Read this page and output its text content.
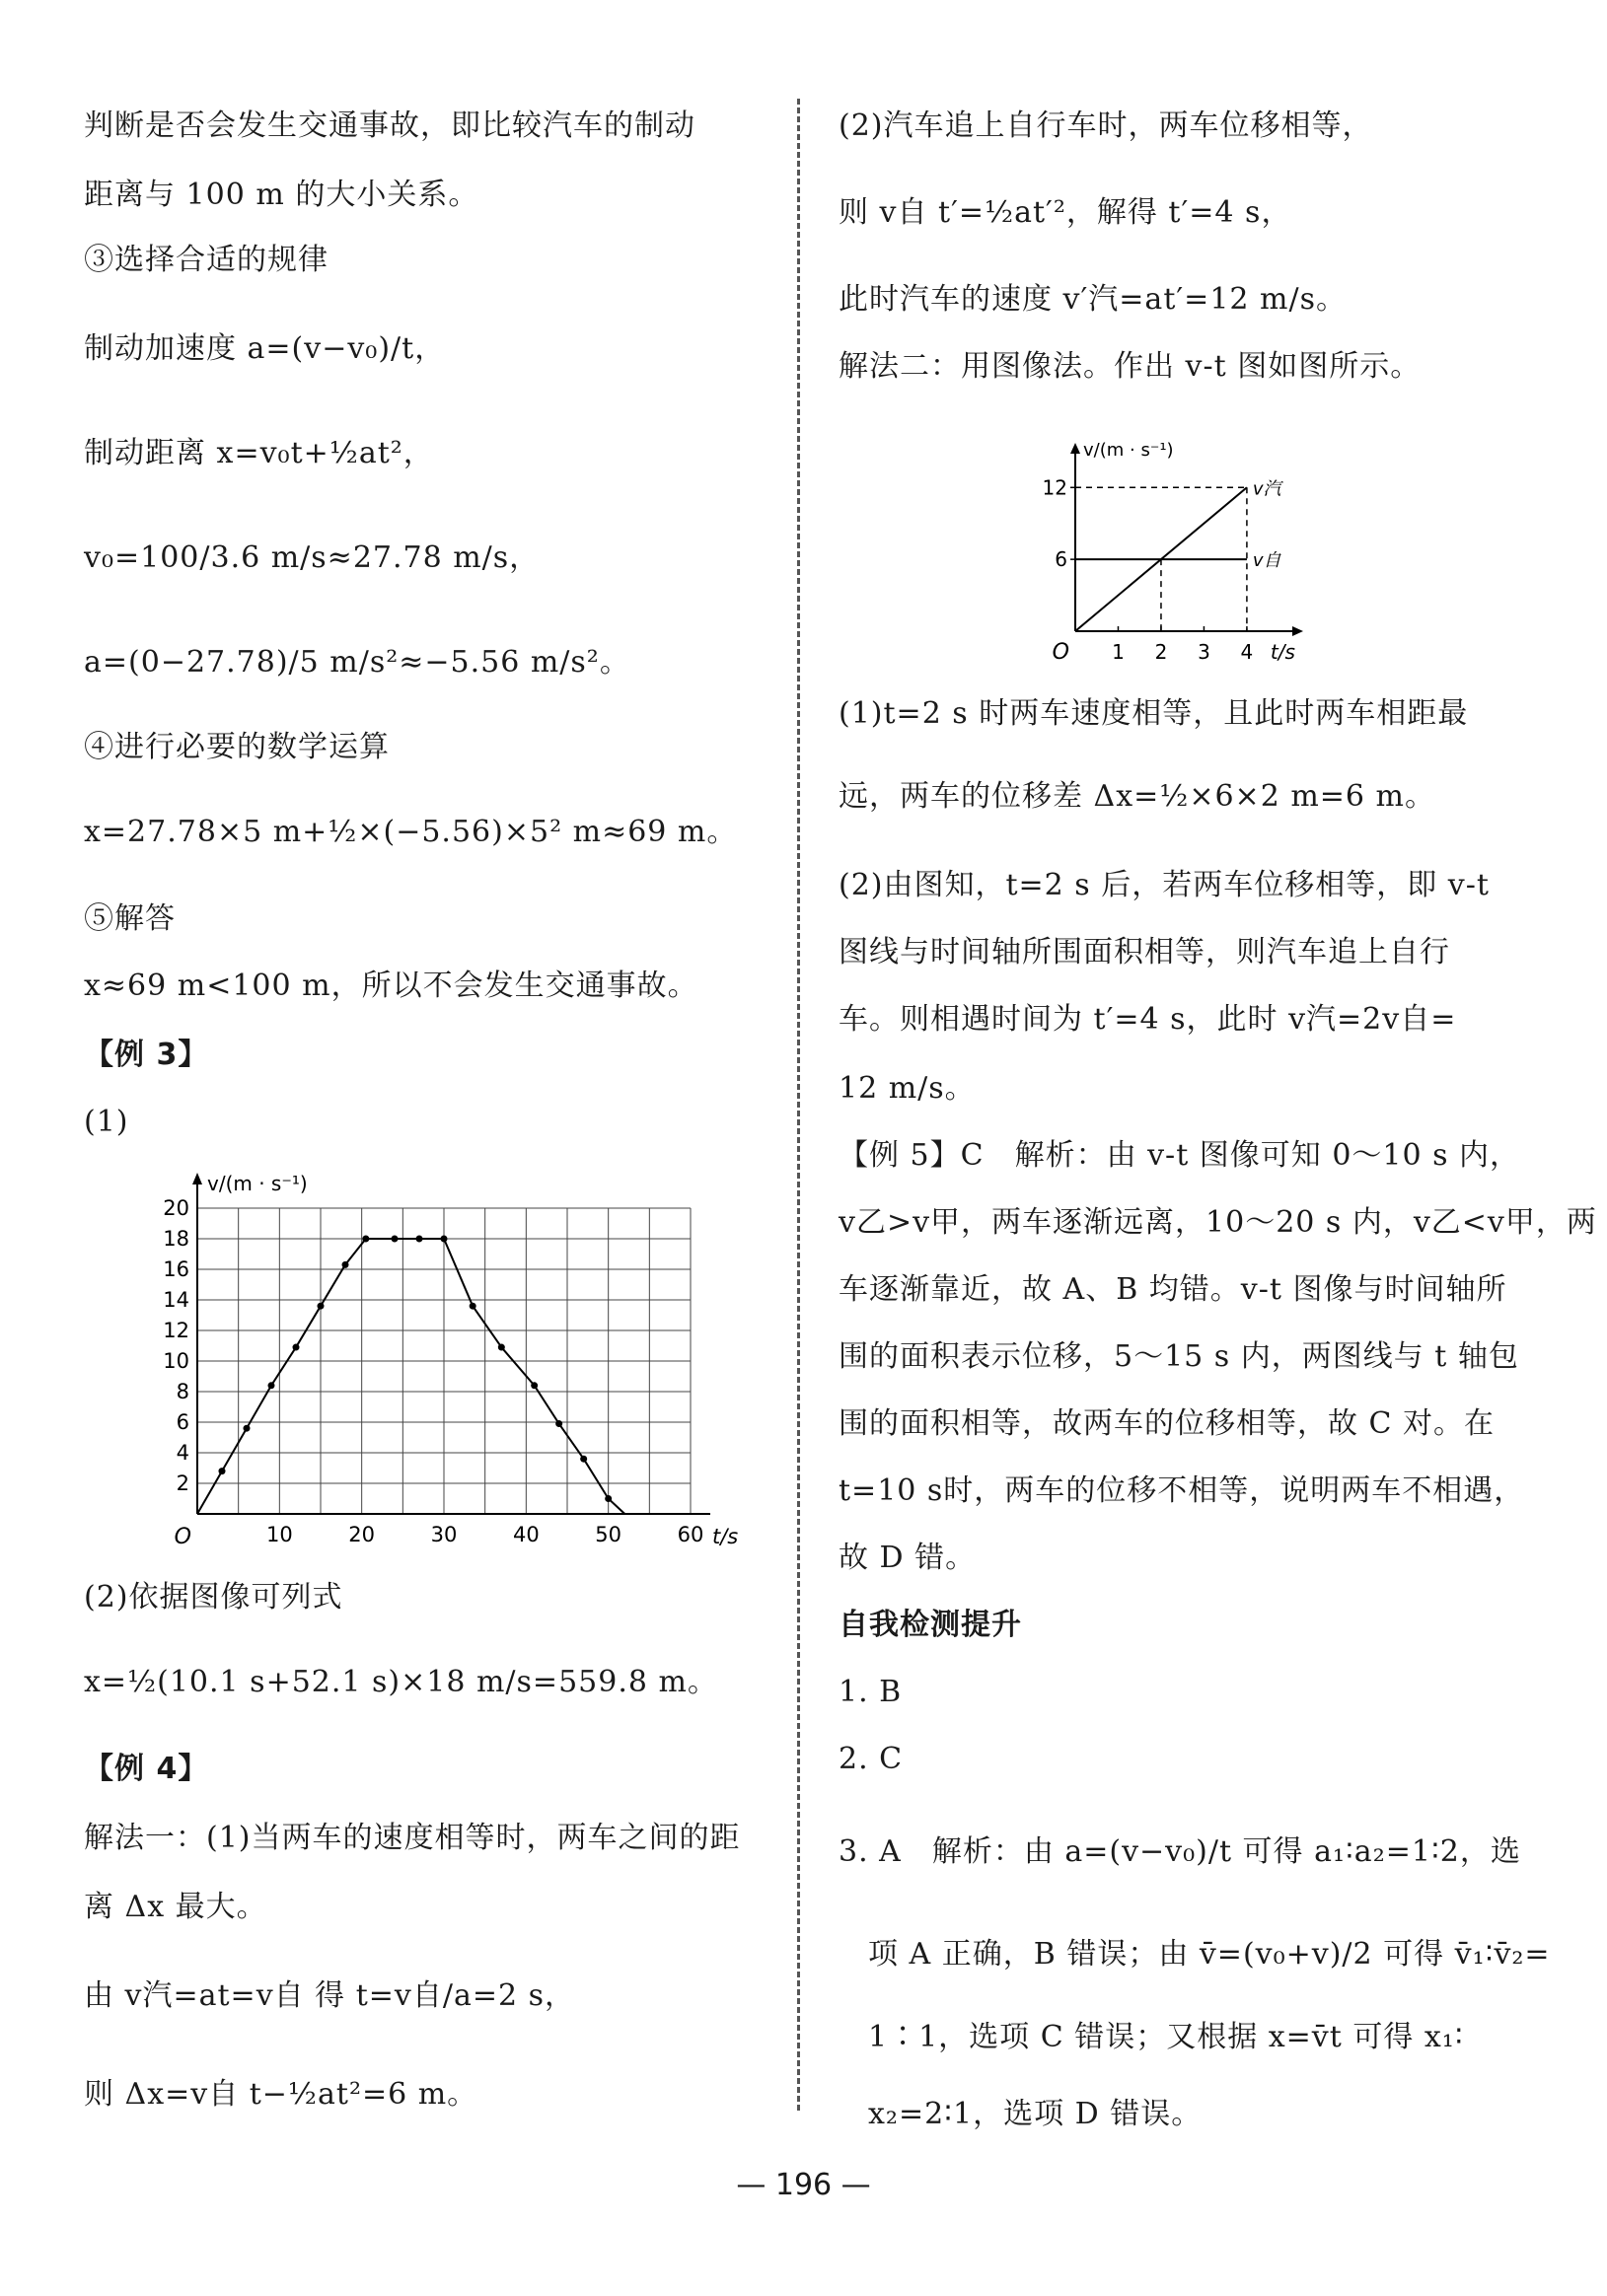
判断是否会发生交通事故，即比较汽车的制动
距离与 100 m 的大小关系。
③选择合适的规律
制动加速度 a=(v−v₀)/t，
制动距离 x=v₀t+½at²，
v₀=100/3.6 m/s≈27.78 m/s，
a=(0−27.78)/5 m/s²≈−5.56 m/s²。
④进行必要的数学运算
x=27.78×5 m+½×(−5.56)×5² m≈69 m。
⑤解答
x≈69 m<100 m，所以不会发生交通事故。
【例 3】
(1)
2
4
6
8
10
12
14
16
18
20
10	20	30	40	50	60
O	t/s
v/(m · s⁻¹)
(2)依据图像可列式
x=½(10.1 s+52.1 s)×18 m/s=559.8 m。
【例 4】
解法一：(1)当两车的速度相等时，两车之间的距
离 Δx 最大。
由 v汽=at=v自 得 t=v自/a=2 s，
则 Δx=v自 t−½at²=6 m。
(2)汽车追上自行车时，两车位移相等，
则 v自 t′=½at′²，解得 t′=4 s，
此时汽车的速度 v′汽=at′=12 m/s。
解法二：用图像法。作出 v-t 图如图所示。
6
12
1 2 3 4
O	t/s
v/(m · s⁻¹)
v汽
v自
(1)t=2 s 时两车速度相等，且此时两车相距最
远，两车的位移差 Δx=½×6×2 m=6 m。
(2)由图知，t=2 s 后，若两车位移相等，即 v-t
图线与时间轴所围面积相等，则汽车追上自行
车。则相遇时间为 t′=4 s，此时 v汽=2v自=
12 m/s。
【例 5】C　解析：由 v-t 图像可知 0～10 s 内，
v乙>v甲，两车逐渐远离，10～20 s 内，v乙<v甲，两
车逐渐靠近，故 A、B 均错。v-t 图像与时间轴所
围的面积表示位移，5～15 s 内，两图线与 t 轴包
围的面积相等，故两车的位移相等，故 C 对。在
t=10 s时，两车的位移不相等，说明两车不相遇，
故 D 错。
自我检测提升
1. B
2. C
3. A　解析：由 a=(v−v₀)/t 可得 a₁∶a₂=1∶2，选
项 A 正确，B 错误；由 v̄=(v₀+v)/2 可得 v̄₁∶v̄₂=
1∶1，选项 C 错误；又根据 x=v̄t 可得 x₁∶
x₂=2∶1，选项 D 错误。
— 196 —
